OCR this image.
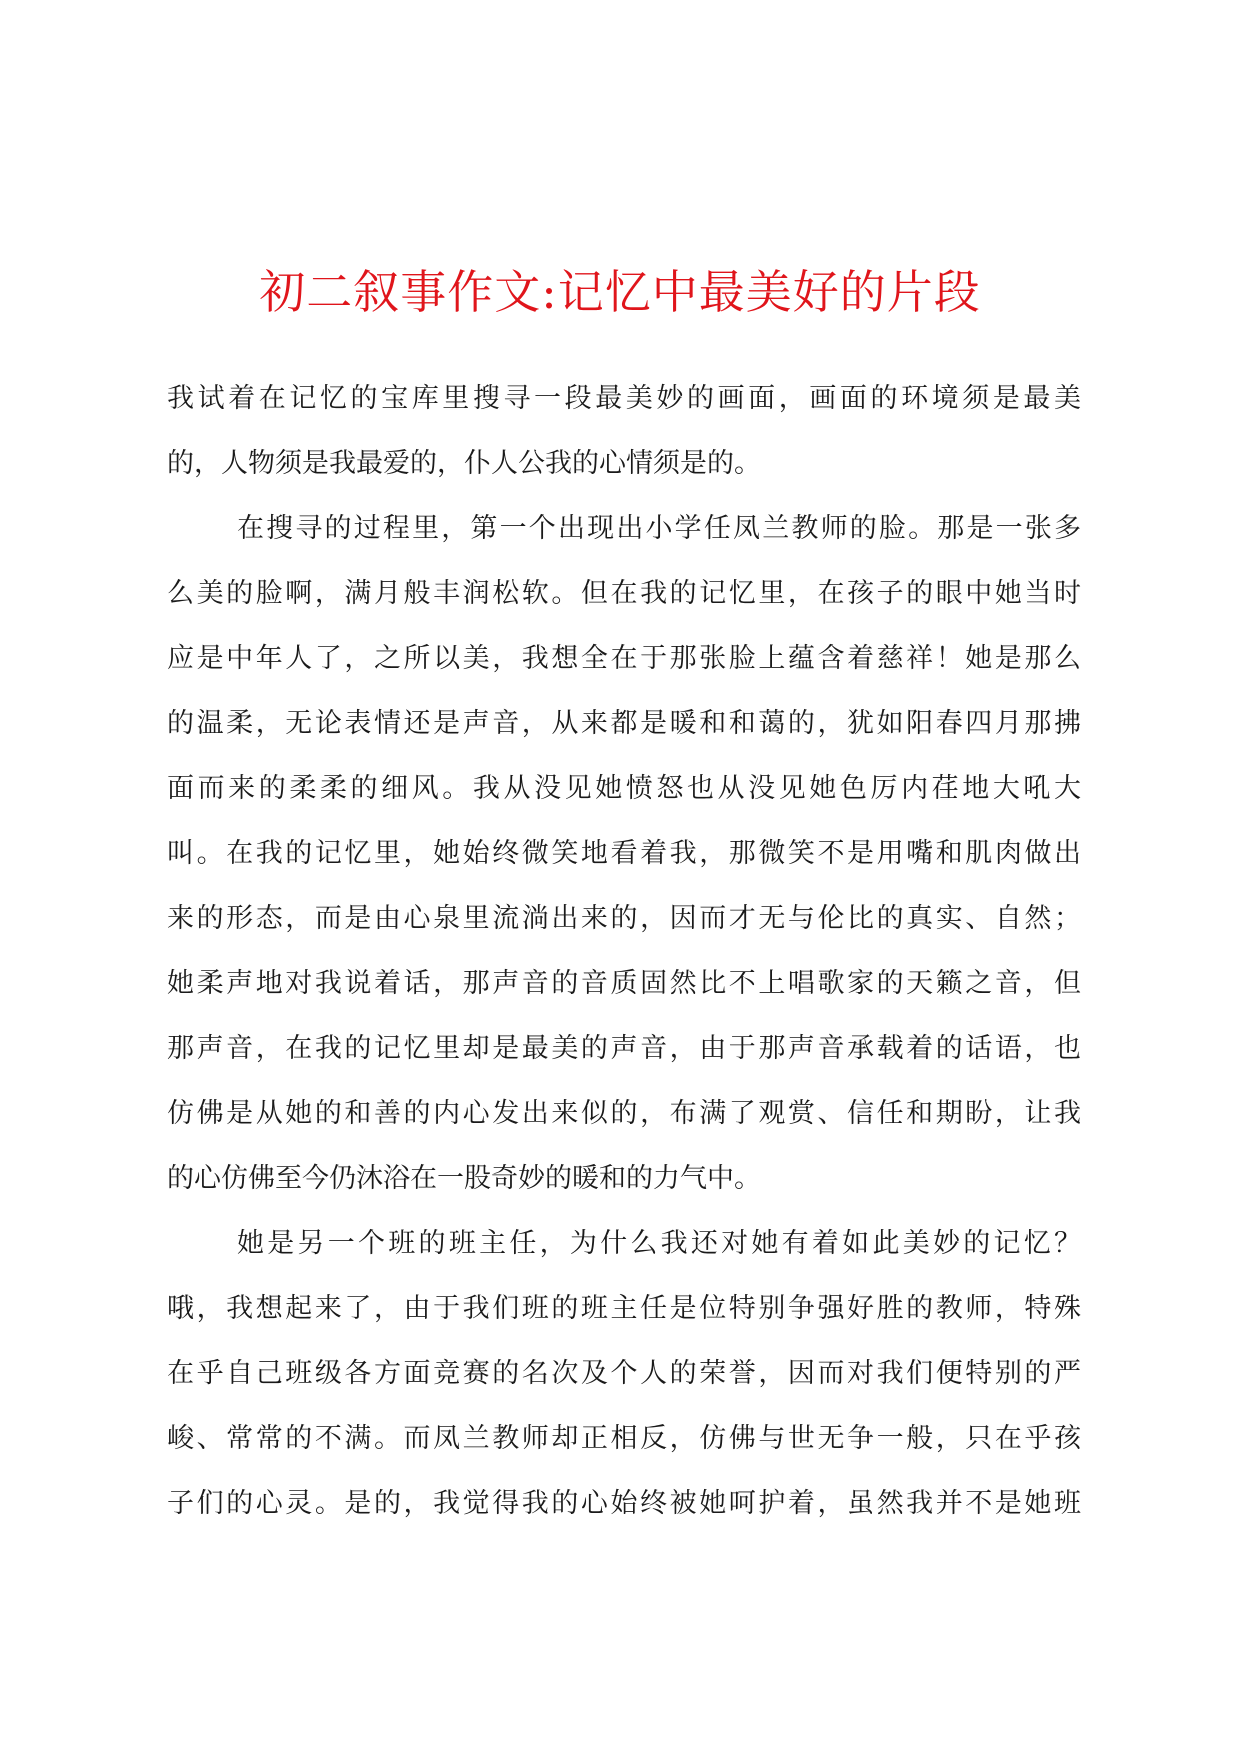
初二叙事作文:记忆中最美好的片段

我试着在记忆的宝库里搜寻一段最美妙的画面，画面的环境须是最美

的，人物须是我最爱的，仆人公我的心情须是的。

在搜寻的过程里，第一个出现出小学任凤兰教师的脸。那是一张多

么美的脸啊，满月般丰润松软。但在我的记忆里，在孩子的眼中她当时

应是中年人了，之所以美，我想全在于那张脸上蕴含着慈祥！她是那么

的温柔，无论表情还是声音，从来都是暖和和蔼的，犹如阳春四月那拂

面而来的柔柔的细风。我从没见她愤怒也从没见她色厉内荏地大吼大

叫。在我的记忆里，她始终微笑地看着我，那微笑不是用嘴和肌肉做出

来的形态，而是由心泉里流淌出来的，因而才无与伦比的真实、自然；

她柔声地对我说着话，那声音的音质固然比不上唱歌家的天籁之音，但

那声音，在我的记忆里却是最美的声音，由于那声音承载着的话语，也

仿佛是从她的和善的内心发出来似的，布满了观赏、信任和期盼，让我

的心仿佛至今仍沐浴在一股奇妙的暖和的力气中。

她是另一个班的班主任，为什么我还对她有着如此美妙的记忆？

哦，我想起来了，由于我们班的班主任是位特别争强好胜的教师，特殊

在乎自己班级各方面竞赛的名次及个人的荣誉，因而对我们便特别的严

峻、常常的不满。而凤兰教师却正相反，仿佛与世无争一般，只在乎孩

子们的心灵。是的，我觉得我的心始终被她呵护着，虽然我并不是她班
